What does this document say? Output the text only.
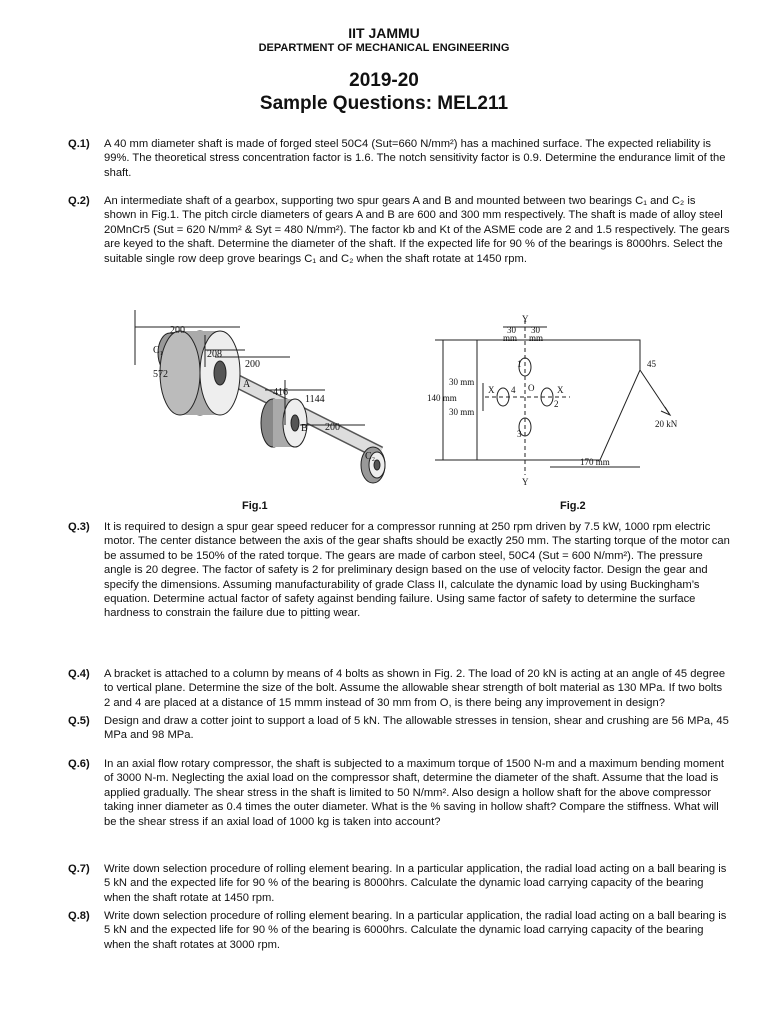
IIT JAMMU
DEPARTMENT OF MECHANICAL ENGINEERING
2019-20
Sample Questions: MEL211
Q.1) A 40 mm diameter shaft is made of forged steel 50C4 (Sut=660 N/mm²) has a machined surface. The expected reliability is 99%. The theoretical stress concentration factor is 1.6. The notch sensitivity factor is 0.9. Determine the endurance limit of the shaft.
Q.2) An intermediate shaft of a gearbox, supporting two spur gears A and B and mounted between two bearings C₁ and C₂ is shown in Fig.1. The pitch circle diameters of gears A and B are 600 and 300 mm respectively. The shaft is made of alloy steel 20MnCr5 (Sut = 620 N/mm² & Syt = 480 N/mm²). The factor kb and Kt of the ASME code are 2 and 1.5 respectively. The gears are keyed to the shaft. Determine the diameter of the shaft. If the expected life for 90 % of the bearings is 8000hrs. Select the suitable single row deep grove bearings C₁ and C₂ when the shaft rotate at 1450 rpm.
200
C₁
572
208
200
A
416
1144
B 200
C₂
Y
30 30
mm mm
1
2
3
4 O
X	X
140 mm
30 mm
30 mm
45
20 kN
170 mm
Y
Fig.1	Fig.2
Q.3) It is required to design a spur gear speed reducer for a compressor running at 250 rpm driven by 7.5 kW, 1000 rpm electric motor. The center distance between the axis of the gear shafts should be exactly 250 mm. The starting torque of the motor can be assumed to be 150% of the rated torque. The gears are made of carbon steel, 50C4 (Sut = 600 N/mm²). The pressure angle is 20 degree. The factor of safety is 2 for preliminary design based on the use of velocity factor. Design the gear and specify the dimensions. Assuming manufacturability of grade Class II, calculate the dynamic load by using Buckingham’s equation. Determine actual factor of safety against bending failure. Using same factor of safety to determine the surface hardness to constrain the failure due to pitting wear.
Q.4) A bracket is attached to a column by means of 4 bolts as shown in Fig. 2. The load of 20 kN is acting at an angle of 45 degree to vertical plane. Determine the size of the bolt. Assume the allowable shear strength of bolt material as 130 MPa. If two bolts 2 and 4 are placed at a distance of 15 mmm instead of 30 mm from O, is there being any improvement in design?
Q.5) Design and draw a cotter joint to support a load of 5 kN. The allowable stresses in tension, shear and crushing are 56 MPa, 45 MPa and 98 MPa.
Q.6) In an axial flow rotary compressor, the shaft is subjected to a maximum torque of 1500 N-m and a maximum bending moment of 3000 N-m. Neglecting the axial load on the compressor shaft, determine the diameter of the shaft. Assume that the load is applied gradually. The shear stress in the shaft is limited to 50 N/mm². Also design a hollow shaft for the above compressor taking inner diameter as 0.4 times the outer diameter. What is the % saving in hollow shaft? Compare the stiffness. What will be the shear stress if an axial load of 1000 kg is taken into account?
Q.7) Write down selection procedure of rolling element bearing. In a particular application, the radial load acting on a ball bearing is 5 kN and the expected life for 90 % of the bearing is 8000hrs. Calculate the dynamic load carrying capacity of the bearing when the shaft rotate at 1450 rpm.
Q.8) Write down selection procedure of rolling element bearing. In a particular application, the radial load acting on a ball bearing is 5 kN and the expected life for 90 % of the bearing is 6000hrs. Calculate the dynamic load carrying capacity of the bearing when the shaft rotates at 3000 rpm.
